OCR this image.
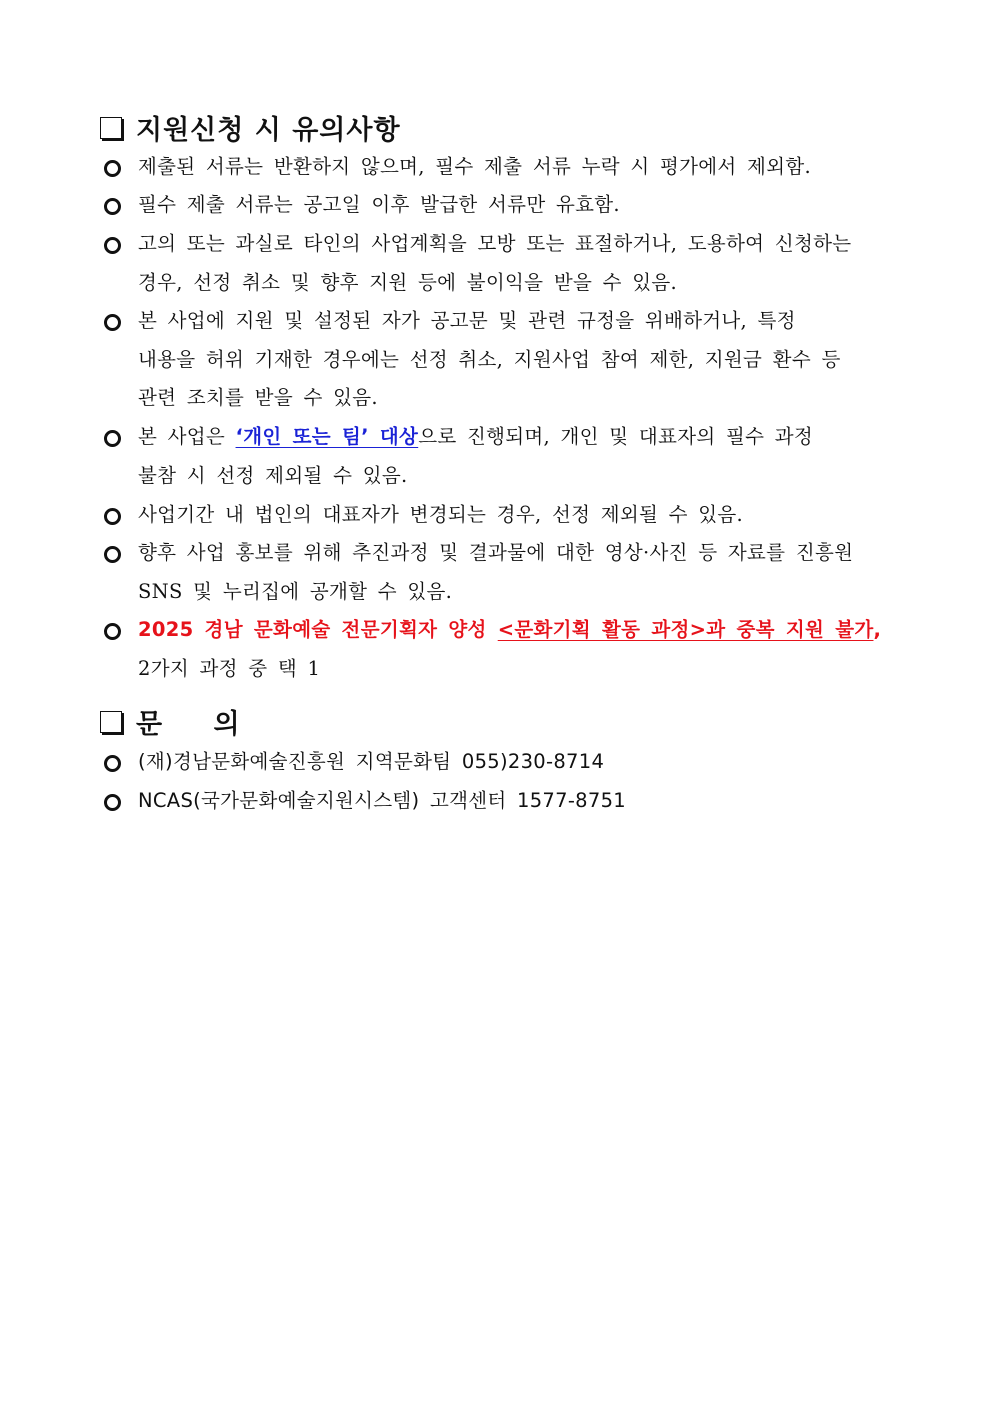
지원신청 시 유의사항
제출된 서류는 반환하지 않으며, 필수 제출 서류 누락 시 평가에서 제외함.
필수 제출 서류는 공고일 이후 발급한 서류만 유효함.
고의 또는 과실로 타인의 사업계획을 모방 또는 표절하거나, 도용하여 신청하는
경우, 선정 취소 및 향후 지원 등에 불이익을 받을 수 있음.
본 사업에 지원 및 설정된 자가 공고문 및 관련 규정을 위배하거나, 특정
내용을 허위 기재한 경우에는 선정 취소, 지원사업 참여 제한, 지원금 환수 등
관련 조치를 받을 수 있음.
본 사업은 ‘개인 또는 팀’ 대상으로 진행되며, 개인 및 대표자의 필수 과정
불참 시 선정 제외될 수 있음.
사업기간 내 법인의 대표자가 변경되는 경우, 선정 제외될 수 있음.
향후 사업 홍보를 위해 추진과정 및 결과물에 대한 영상·사진 등 자료를 진흥원
SNS 및 누리집에 공개할 수 있음.
2025 경남 문화예술 전문기획자 양성 <문화기획 활동 과정>과 중복 지원 불가,
2가지 과정 중 택 1
문 의
(재)경남문화예술진흥원 지역문화팀 055)230-8714
NCAS(국가문화예술지원시스템) 고객센터 1577-8751
